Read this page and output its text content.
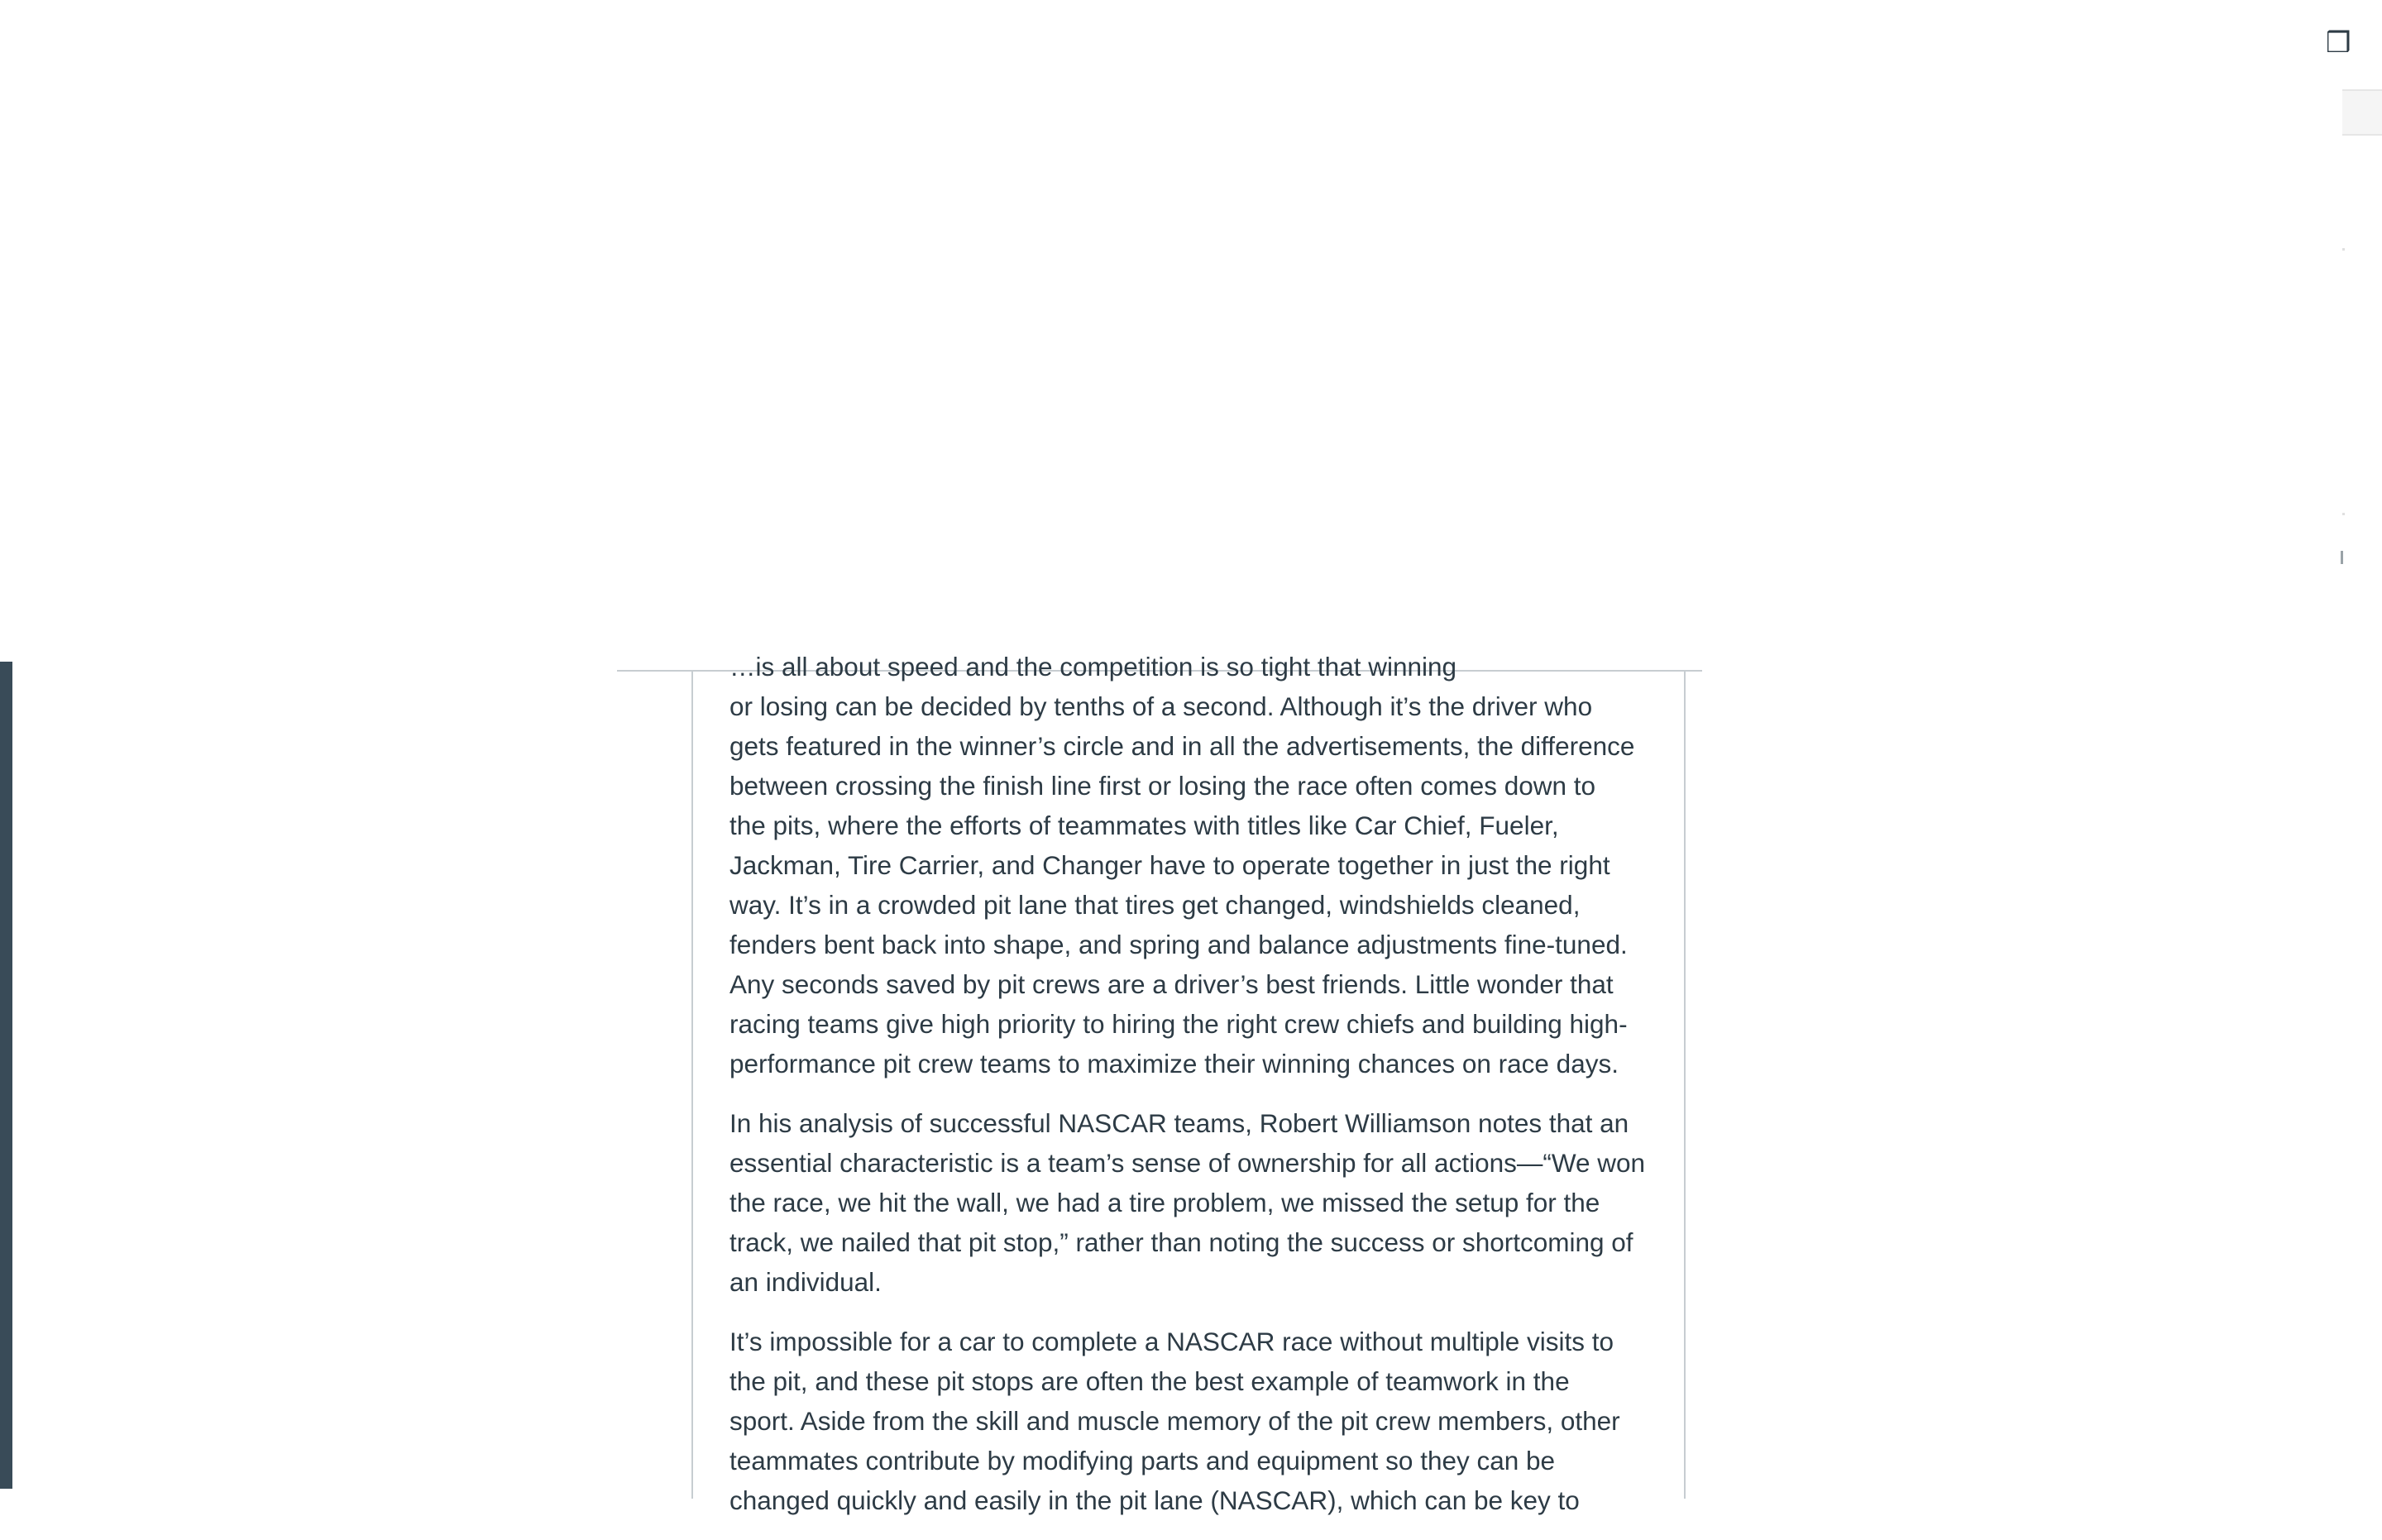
❒

…is all about speed and the competition is so tight that winning

or losing can be decided by tenths of a second. Although it’s the driver who
gets featured in the winner’s circle and in all the advertisements, the difference
between crossing the finish line first or losing the race often comes down to
the pits, where the efforts of teammates with titles like Car Chief, Fueler,
Jackman, Tire Carrier, and Changer have to operate together in just the right
way. It’s in a crowded pit lane that tires get changed, windshields cleaned,
fenders bent back into shape, and spring and balance adjustments fine-tuned.
Any seconds saved by pit crews are a driver’s best friends. Little wonder that
racing teams give high priority to hiring the right crew chiefs and building high-
performance pit crew teams to maximize their winning chances on race days.

In his analysis of successful NASCAR teams, Robert Williamson notes that an
essential characteristic is a team’s sense of ownership for all actions—“We won
the race, we hit the wall, we had a tire problem, we missed the setup for the
track, we nailed that pit stop,” rather than noting the success or shortcoming of
an individual.

It’s impossible for a car to complete a NASCAR race without multiple visits to
the pit, and these pit stops are often the best example of teamwork in the
sport. Aside from the skill and muscle memory of the pit crew members, other
teammates contribute by modifying parts and equipment so they can be
changed quickly and easily in the pit lane (NASCAR), which can be key to
